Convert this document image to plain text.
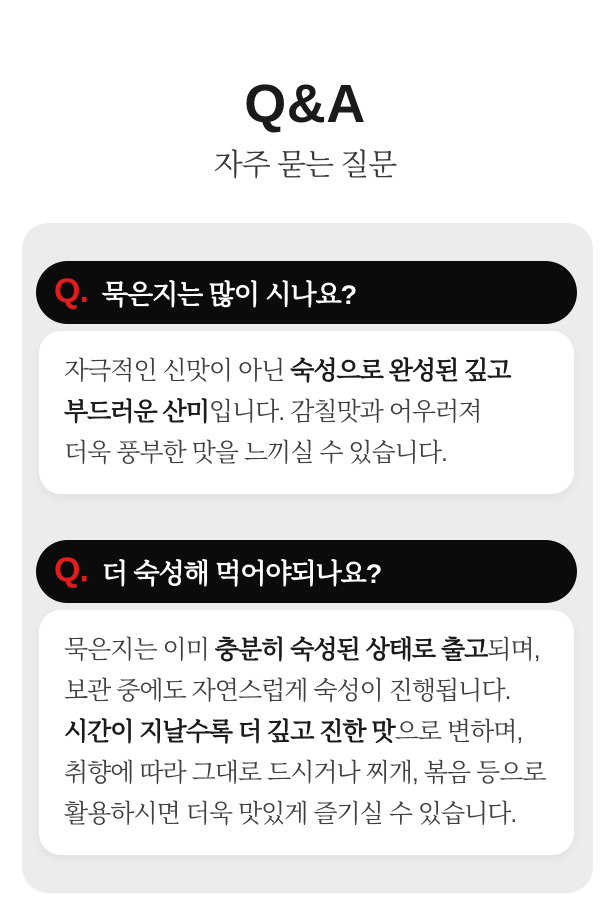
Q&A
자주 묻는 질문
Q. 묵은지는 많이 시나요?
자극적인 신맛이 아닌 숙성으로 완성된 깊고
부드러운 산미입니다. 감칠맛과 어우러져
더욱 풍부한 맛을 느끼실 수 있습니다.
Q. 더 숙성해 먹어야되나요?
묵은지는 이미 충분히 숙성된 상태로 출고되며,
보관 중에도 자연스럽게 숙성이 진행됩니다.
시간이 지날수록 더 깊고 진한 맛으로 변하며,
취향에 따라 그대로 드시거나 찌개, 볶음 등으로
활용하시면 더욱 맛있게 즐기실 수 있습니다.
